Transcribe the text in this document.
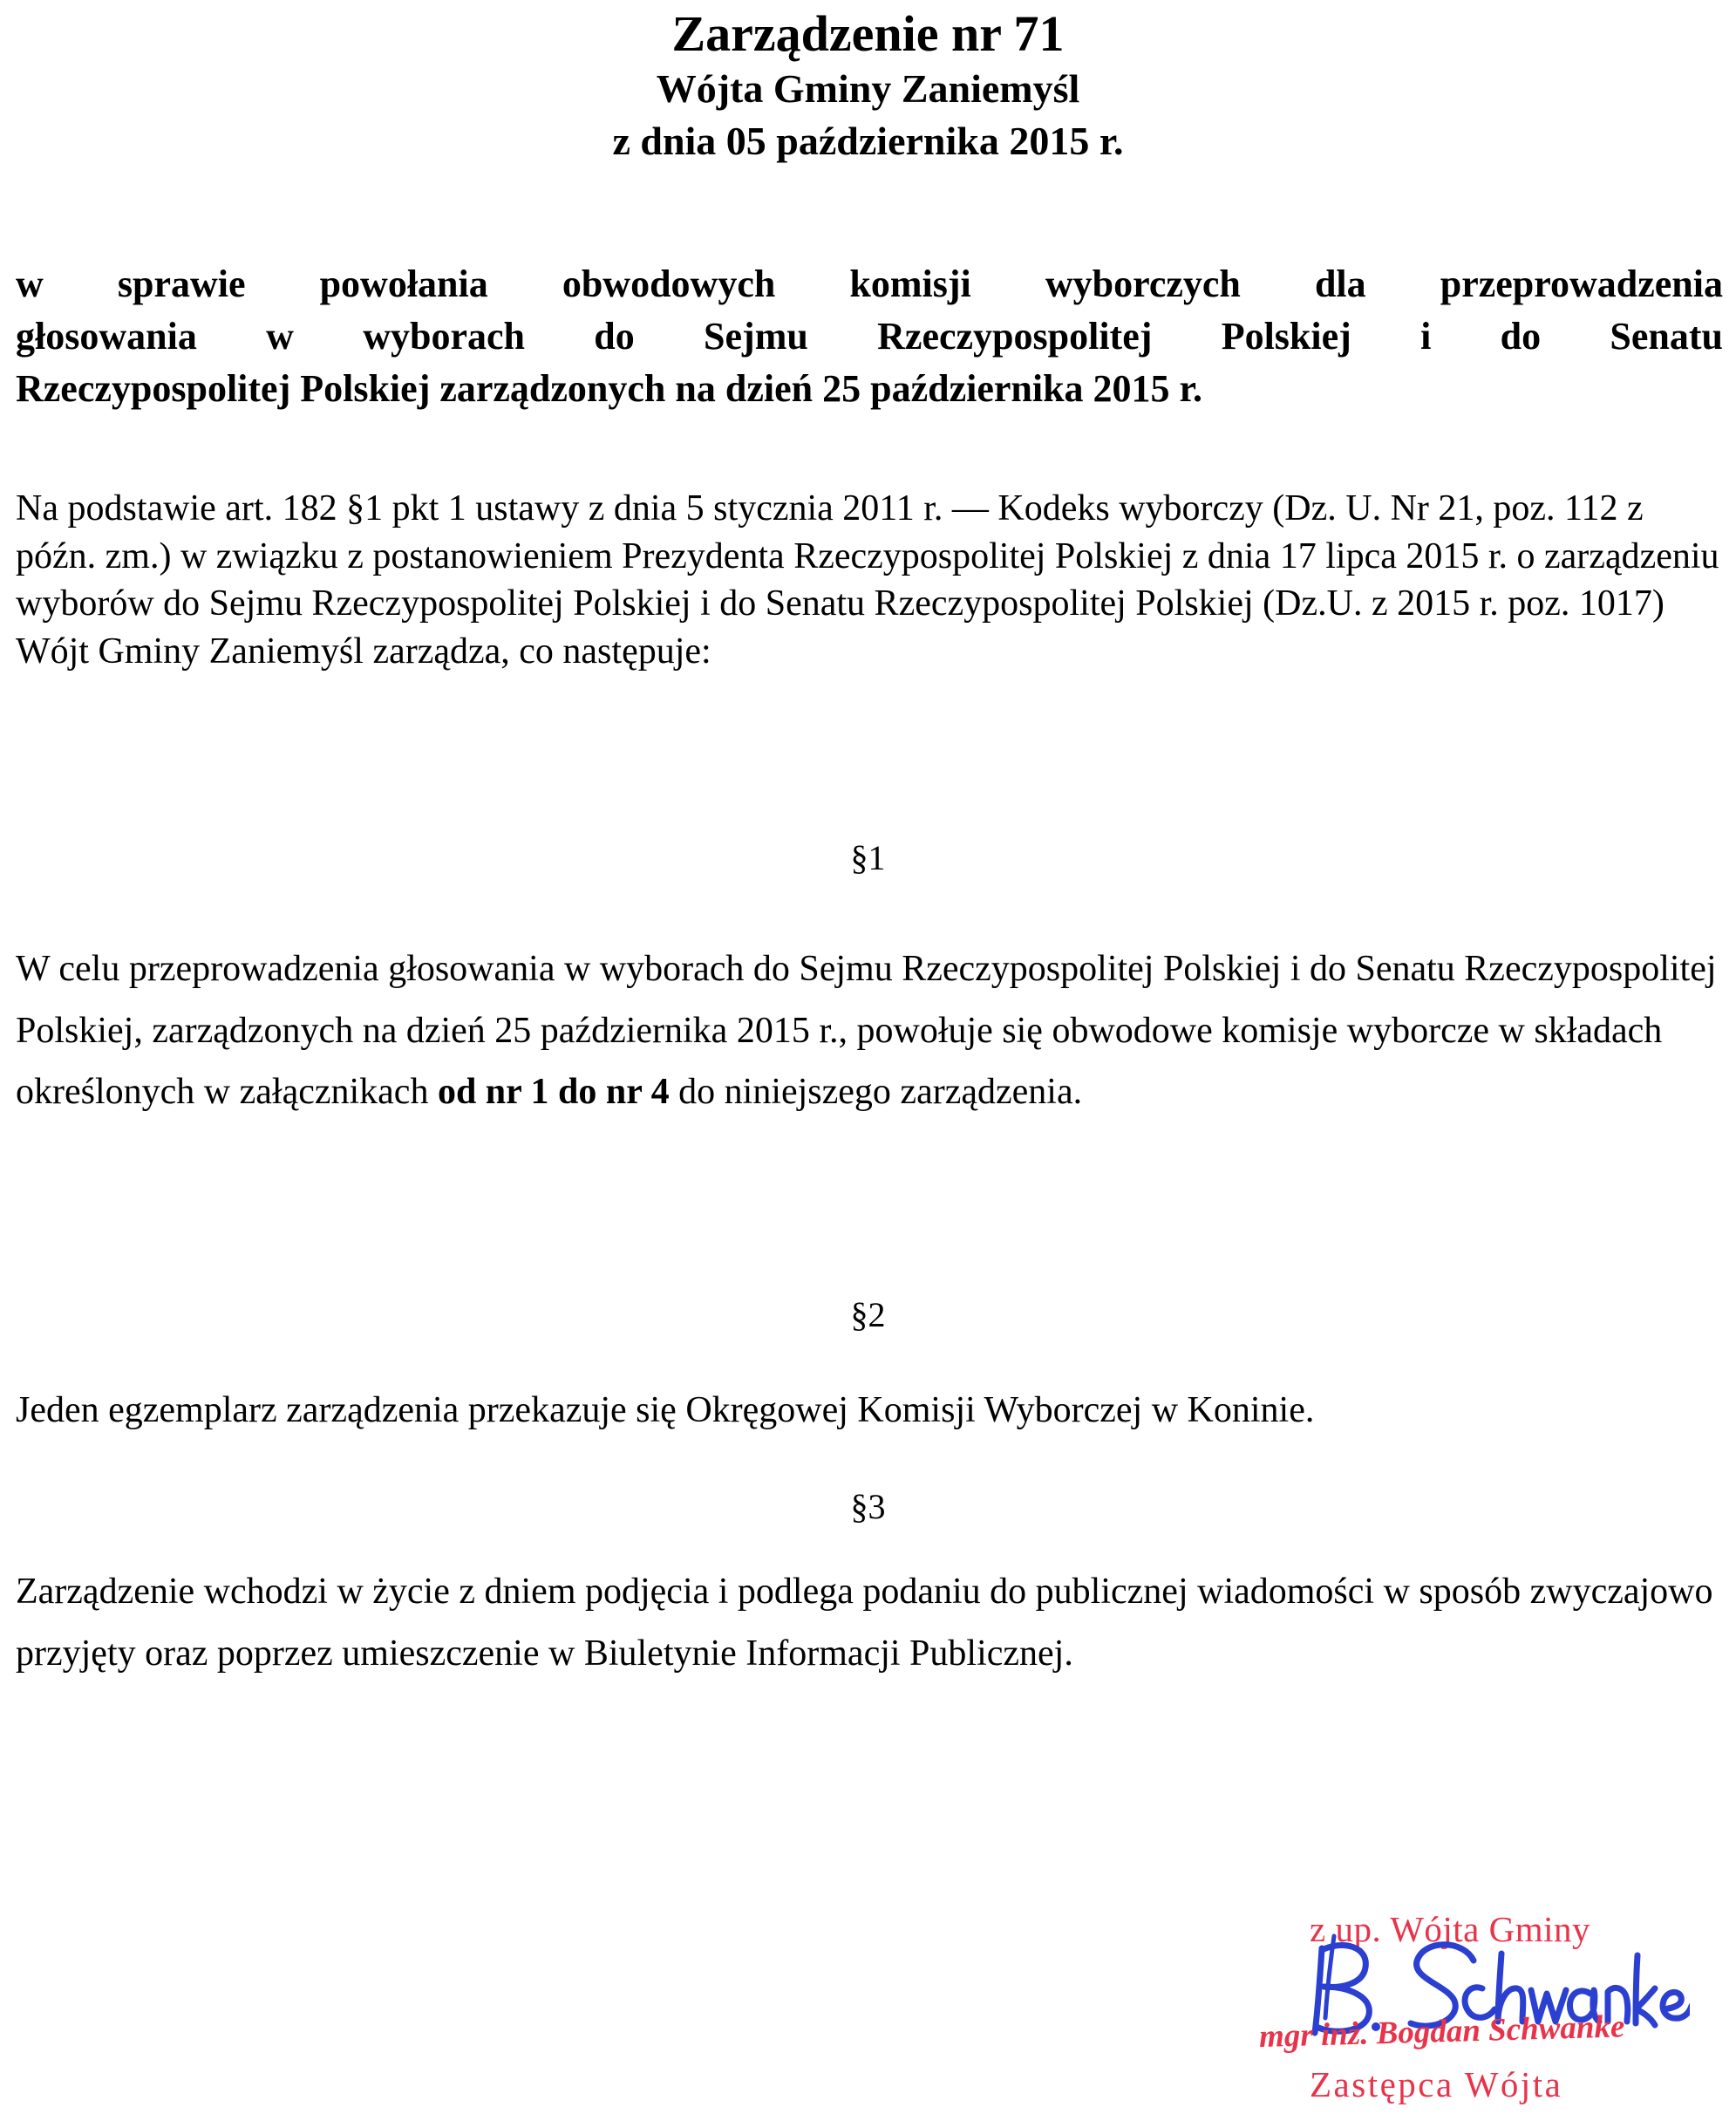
Zarządzenie nr 71
Wójta Gminy Zaniemyśl
z dnia 05 października 2015 r.
w sprawie powołania obwodowych komisji wyborczych dla przeprowadzenia
głosowania w wyborach do Sejmu Rzeczypospolitej Polskiej i do Senatu
Rzeczypospolitej Polskiej zarządzonych na dzień 25 października 2015 r.
Na podstawie art. 182 §1 pkt 1 ustawy z dnia 5 stycznia 2011 r. — Kodeks wyborczy (Dz. U. Nr 21, poz. 112 z późn. zm.) w związku z postanowieniem Prezydenta Rzeczypospolitej Polskiej z dnia 17 lipca 2015 r. o zarządzeniu wyborów do Sejmu Rzeczypospolitej Polskiej i do Senatu Rzeczypospolitej Polskiej (Dz.U. z 2015 r. poz. 1017) Wójt Gminy Zaniemyśl zarządza, co następuje:
§1
W celu przeprowadzenia głosowania w wyborach do Sejmu Rzeczypospolitej Polskiej i do Senatu Rzeczypospolitej Polskiej, zarządzonych na dzień 25 października 2015 r., powołuje się obwodowe komisje wyborcze w składach określonych w załącznikach od nr 1 do nr 4 do niniejszego zarządzenia.
§2
Jeden egzemplarz zarządzenia przekazuje się Okręgowej Komisji Wyborczej w Koninie.
§3
Zarządzenie wchodzi w życie z dniem podjęcia i podlega podaniu do publicznej wiadomości w sposób zwyczajowo przyjęty oraz poprzez umieszczenie w Biuletynie Informacji Publicznej.
z up. Wójta Gminy
mgr inż. Bogdan Schwanke
Zastępca Wójta
